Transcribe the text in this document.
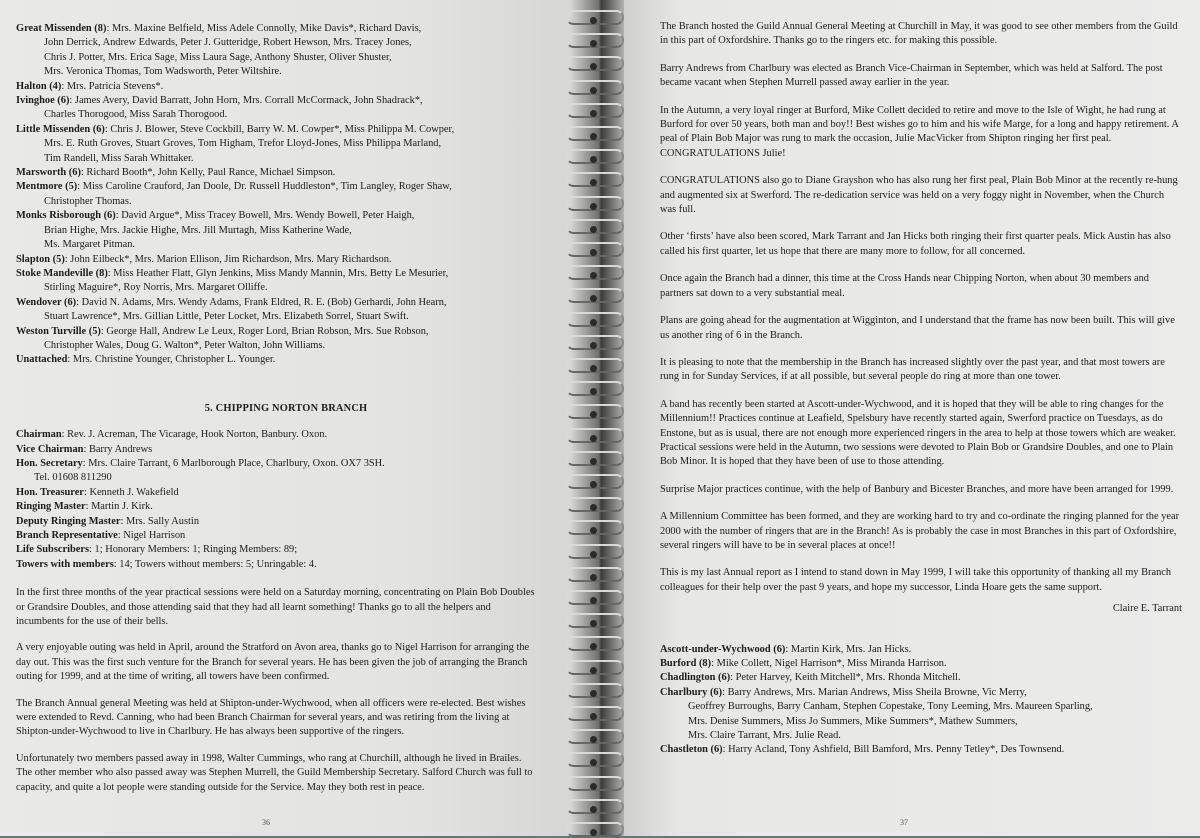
Great Missenden (8): Mrs. Maxine Belfield, Miss Adele Connolly, Mike Davis*, Richard Davis,
John Derrick, Andrew Edwards, Peter J. Gutteridge, Robert Hewson, Mrs. Tracey Jones,
Chris J. Potter, Mrs. Erica Sage, Miss Laura Sage, Anthony Shuster, Oliver Shuster,
Mrs. Veronica Thomas, Tom Wadsworth, Peter Wiltshire.
Halton (4): Mrs. Patricia Stevens*.
Ivinghoe (6): James Avery, David Barratt, John Horn, Mrs. Corrall McCormack, John Shadrack*,
Charles Thorogood, Miss Sarah Thorogood.
Little Missenden (6): Chris J. Blower, Steve Cockbill, Barry W. M. Cowper*, Miss Philippa M. Cowper,
Mrs. E. Ruth Groves, Stuart Groves, Tom Higham, Trefor Lloyd-Jones, Miss Philippa Marland,
Tim Randell, Miss Sarah Whittaker.
Marsworth (6): Richard Booth*, John Kelly, Paul Rance, Michael Simpson.
Mentmore (5): Miss Caroline Crauford, Jan Doole, Dr. Russell Huddleston*, Tim Langley, Roger Shaw,
Christopher Thomas.
Monks Risborough (6): David Argue*, Miss Tracey Bowell, Mrs. Wendy Bowell, Peter Haigh,
Brian Highe, Mrs. Jackie Highe, Mrs. Jill Murtagh, Miss Katherine Wade,
Ms. Margaret Pitman.
Slapton (5): John Eilbeck*, Mrs. Marion Ellison, Jim Richardson, Mrs. Mary Richardson.
Stoke Mandeville (8): Miss Heather Flatt, Glyn Jenkins, Miss Mandy Mannin, Mrs. Betty Le Mesurier,
Stirling Maguire*, Roy Norris, Mrs. Margaret Olliffe.
Wendover (6): David N. Adams, Mrs. Wendy Adams, Frank Eldred, R. E. (Bob) Gerhardi, John Hearn,
Stuart Lawrence*, Mrs. Gillian Little, Peter Locket, Mrs. Elizabeth Sorrel, Stuart Swift.
Weston Turville (5): George Hall, Andrew Le Leux, Roger Lord, Brian Robson, Mrs. Sue Robson,
Christopher Wales, Doug G. Walton*, Peter Walton, John Williams.
Unattached: Mrs. Christine Younger, Christopher L. Younger.
5. CHIPPING NORTON BRANCH
Chairman: Rev. J. Acreman, The Vicarage, Hook Norton, Banbury. Oxon.
Vice Chairman: Barry Andrews
Hon. Secretary: Mrs. Claire Tarrant, 6 Marlborough Place, Charlbury, Oxon. OX7 3SH.
Tel. 01608 811290
Hon. Treasurer: Kenneth J. Wakefield
Ringing Master: Martin J. Kirk.
Deputy Ringing Master: Mrs. Sally Austin
Branch Representative: Nigel Harrison
Life Subscribers: 1; Honorary Members: 1; Ringing Members: 89;
Towers with members: 14; Towers without members: 5; Unringable: 4.

In the first three months of the year practical sessions were held on a Saturday morning, concentrating on Plain Bob Doubles or Grandsire Doubles, and those attending said that they had all learnt something! Thanks go to all the helpers and incumbents for the use of their bells.

A very enjoyable outing was held in April, around the Stratford on Avon area, thanks go to Nigel Harrison for arranging the day out. This was the first such venture for the Branch for several years. He has been given the job of arranging the Branch outing for 1999, and at the time of writing, all towers have been confirmed.

The Branch Annual general Meeting was held at Shipton-under-Wychwood, when all officers were re-elected. Best wishes were extended to Revd. Canning, who had been Branch Chairman for several years, and was retiring from the living at Shipton-under-Wychwood to live in Charlbury. He has always been supportive of the ringers.

Unfortunately two members passed away in 1998, Walter Cummings, who rang at Churchill, although he lived in Brailes. The other member who also passed away was Stephen Murrell, the Guild Membership Secretary. Salford Church was full to capacity, and quite a lot people were standing outside for the Service. May they both rest in peace.

36

The Branch hosted the Guild Annual General Meeting at Churchill in May, it was good to see other members from the Guild in this part of Oxfordshire. Thanks go to the ringers etc. for making this possible.

Barry Andrews from Charlbury was elected as Branch Vice-Chairman in September, which was held at Salford. The post became vacant when Stephen Murrell passed away earlier in the year.

In the Autumn, a very loyal ringer at Burford, Mike Collett decided to retire and move to the Isle of Wight, he had rung at Burford for over 50 years, both man and boy!! Best wishes go to him and his wife Marge, for a long and happy retirement. A peal of Plain Bob Major was rung to mark the occasion, Julie MacVicker from Shipton ringing her first peal. CONGRATULATIONS Julie!

CONGRATULATIONS also go to Diane Grayshon who has also rung her first peal, Plain Bob Minor at the recently re-hung and augmented six at Swerford. The re-dedication service was held on a very foggy night in November, when the Church was full.

Other ‘firsts’ have also been scored, Mark Tarrant and Jan Hicks both ringing their first quarter peals. Mick Austin has also called his first quarter, let us hope that there are many more to follow, for all concerned.

Once again the Branch had a dinner, this time at the Cross Hands near Chipping Norton, when about 30 members and partners sat down to a very substantial meal.

Plans are going ahead for the augmentation at Wigginton, and I understand that the frame has now been built. This will give us another ring of 6 in the Branch.

It is pleasing to note that the membership in the Branch has increased slightly over the past year, and that most towers are rung in for Sunday Services, if at all possible, but several people do ring at more than one tower.

A band has recently been started at Ascott-under-Wychwood, and it is hoped that they will be able to ring changes for the Millennium!! Practices continue at Leafield, Spelsbury have recently started again, Swerford practice on Tuesdays, as do Enstone, but as is usual, there are not enough more experienced ringers in the area to help at those towers which are weaker. Practical sessions were held in the Autumn, two sessions were devoted to Plain Bob or Grandsire Doubles, and one to Plain Bob Minor. It is hoped that they have been of use to those attending.

Surprise Major practices continue, with the help of Banbury and Bicester Branches, and more have been arranged for 1999.

A Millennium Committee has been formed, and they are working hard to try and co-ordinate the ringing planned for the year 2000 with the number of ringers that are in the Branch! As is probably the case in most Branches in this part of Oxfordshire, several ringers will have to be in several places at once!!

This is my last Annual report as I intend to stand down in May 1999, I will take this opportunity of thanking all my Branch colleagues for their help over the past 9 years, and hope my successor, Linda Hoare gets the same support.

Claire E. Tarrant
Ascott-under-Wychwood (6): Martin Kirk, Mrs. Jan Hicks.
Burford (8): Mike Collett, Nigel Harrison*, Miss Miranda Harrison.
Chadlington (6): Peter Harvey, Keith Mitchell*, Mrs. Rhonda Mitchell.
Charlbury (6): Barry Andrews, Mrs. Marian Andrews, Miss Sheila Browne, Vic Merry,
Geoffrey Burroughs, Barry Canham, Stephen Copestake, Tony Leeming, Mrs. Maureen Sparling,
Mrs. Denise Summers, Miss Jo Summers, Mike Summers*, Mathew Summers,
Mrs. Claire Tarrant, Mrs. Julie Read.
Chastleton (6): Harry Acland, Tony Ashfield, Bill Bamford, Mrs. Penny Tetley*, Des Townsend.
37
